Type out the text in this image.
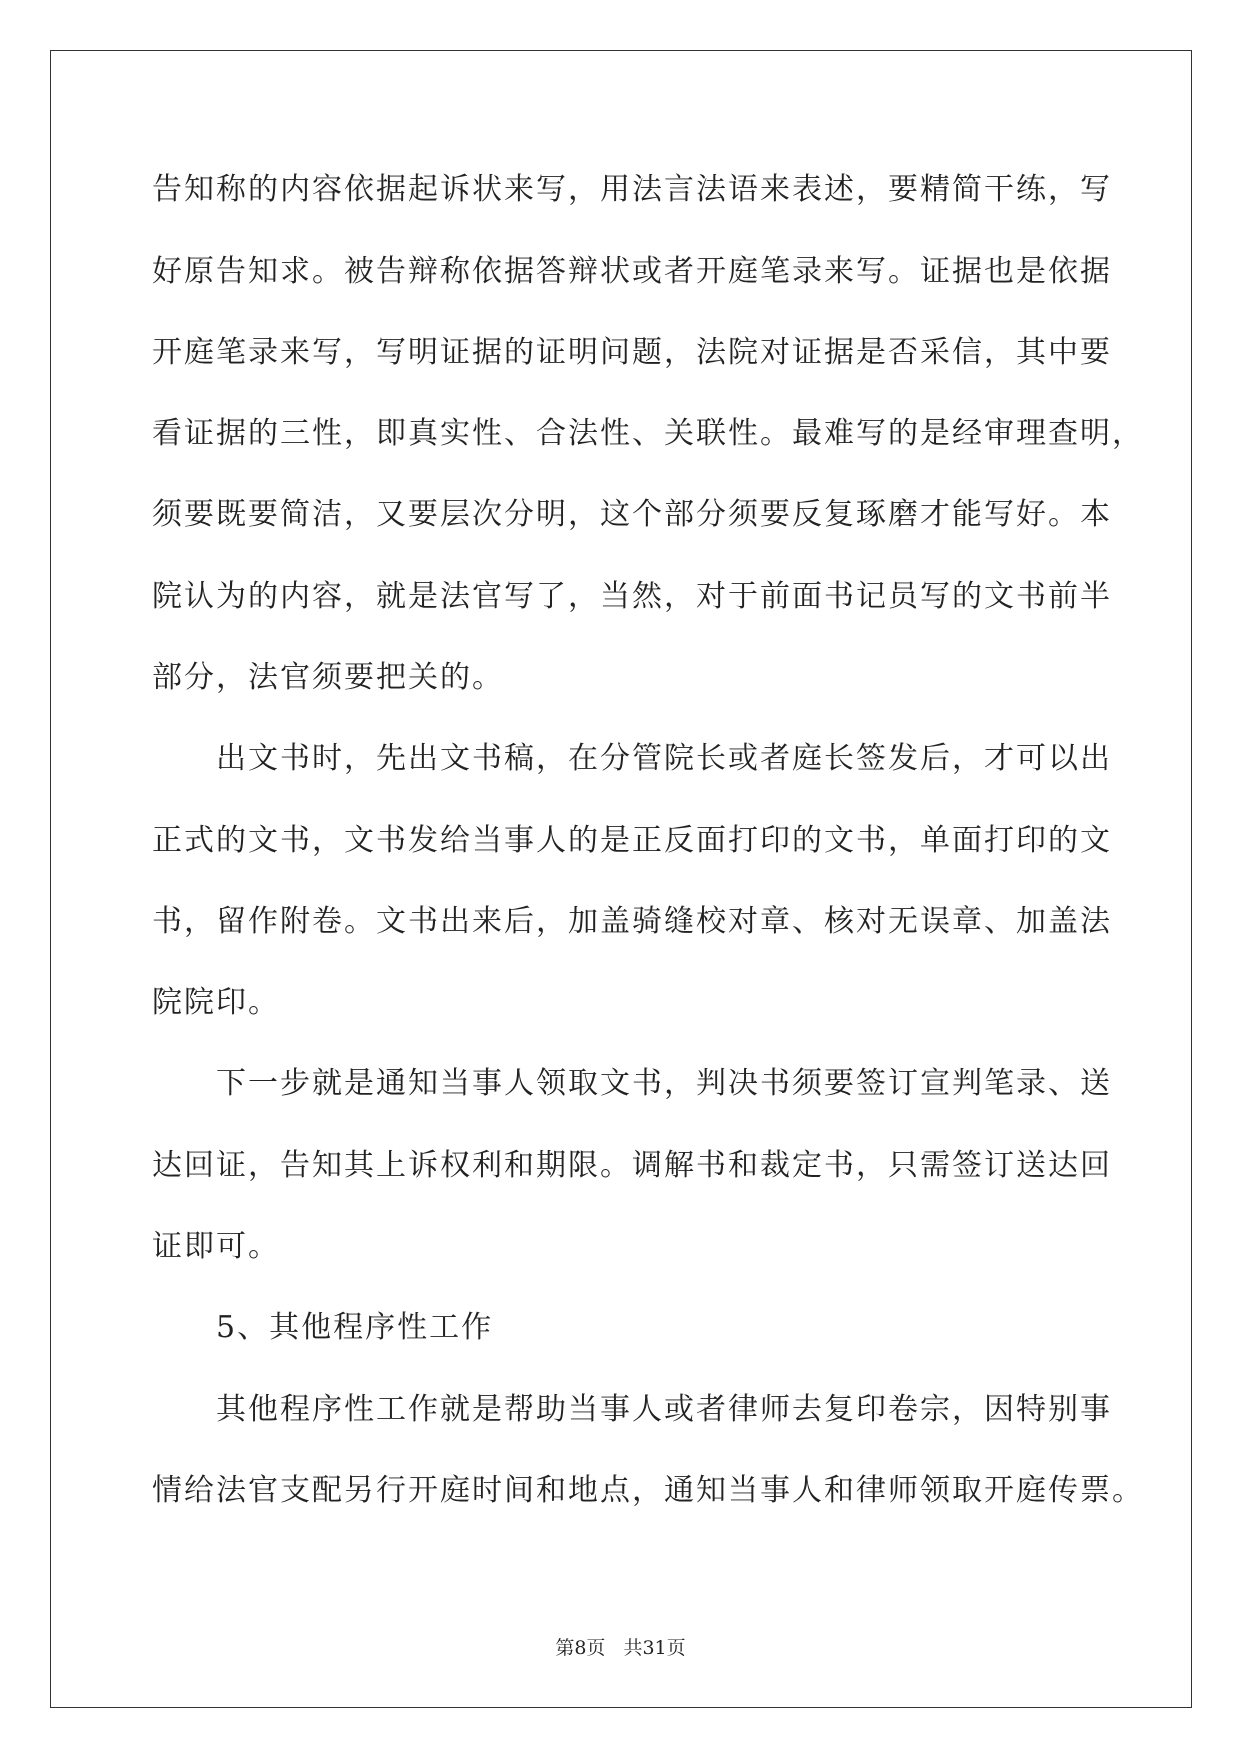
告知称的内容依据起诉状来写，用法言法语来表述，要精简干练，写
好原告知求。被告辩称依据答辩状或者开庭笔录来写。证据也是依据
开庭笔录来写，写明证据的证明问题，法院对证据是否采信，其中要
看证据的三性，即真实性、合法性、关联性。最难写的是经审理查明，
须要既要简洁，又要层次分明，这个部分须要反复琢磨才能写好。本
院认为的内容，就是法官写了，当然，对于前面书记员写的文书前半
部分，法官须要把关的。
出文书时，先出文书稿，在分管院长或者庭长签发后，才可以出
正式的文书，文书发给当事人的是正反面打印的文书，单面打印的文
书，留作附卷。文书出来后，加盖骑缝校对章、核对无误章、加盖法
院院印。
下一步就是通知当事人领取文书，判决书须要签订宣判笔录、送
达回证，告知其上诉权利和期限。调解书和裁定书，只需签订送达回
证即可。
5、其他程序性工作
其他程序性工作就是帮助当事人或者律师去复印卷宗，因特别事
情给法官支配另行开庭时间和地点，通知当事人和律师领取开庭传票。
第8页 共31页
